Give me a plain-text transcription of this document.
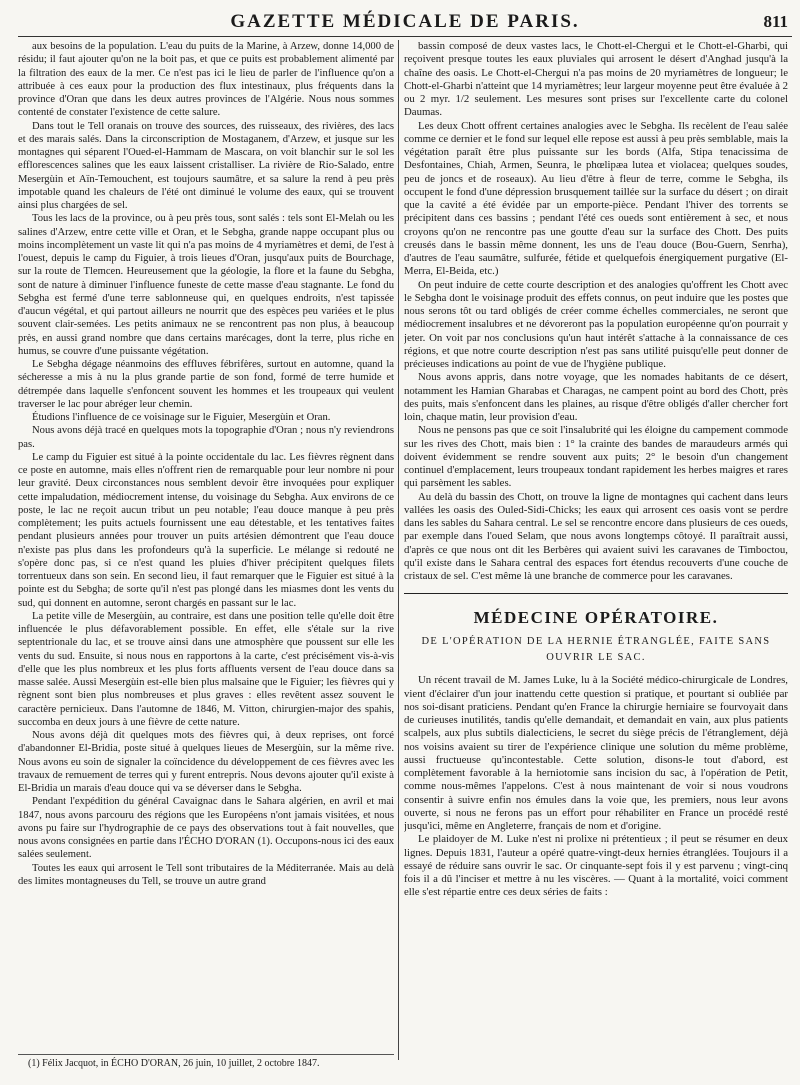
GAZETTE MÉDICALE DE PARIS.	811

aux besoins de la population. L'eau du puits de la Marine, à Arzew, donne 14,000 de résidu; il faut ajouter qu'on ne la boit pas, et que ce puits est probablement alimenté par la filtration des eaux de la mer. Ce n'est pas ici le lieu de parler de l'influence qu'on a attribuée à ces eaux pour la production des flux intestinaux, plus fréquents dans la province d'Oran que dans les deux autres provinces de l'Algérie. Nous nous sommes contenté de constater l'existence de cette salure.

Dans tout le Tell oranais on trouve des sources, des ruisseaux, des rivières, des lacs et des marais salés. Dans la circonscription de Mostaganem, d'Arzew, et jusque sur les montagnes qui séparent l'Oued-el-Hammam de Mascara, on voit blanchir sur le sol les efflorescences salines que les eaux laissent cristalliser. La rivière de Rio-Salado, entre Mesergùin et Aïn-Temouchent, est toujours saumâtre, et sa salure la rend à peu près impotable quand les chaleurs de l'été ont diminué le volume des eaux, qui se trouvent ainsi plus chargées de sel.

Tous les lacs de la province, ou à peu près tous, sont salés : tels sont El-Melah ou les salines d'Arzew, entre cette ville et Oran, et le Sebgha, grande nappe occupant plus ou moins incomplètement un vaste lit qui n'a pas moins de 4 myriamètres et demi, de l'est à l'ouest, depuis le camp du Figuier, à trois lieues d'Oran, jusqu'aux puits de Bourchage, sur la route de Tlemcen. Heureusement que la géologie, la flore et la faune du Sebgha, sont de nature à diminuer l'influence funeste de cette masse d'eau stagnante. Le fond du Sebgha est fermé d'une terre sablonneuse qui, en quelques endroits, n'est tapissée d'aucun végétal, et qui partout ailleurs ne nourrit que des espèces peu variées et le plus souvent clair-semées. Les petits animaux ne se rencontrent pas non plus, à beaucoup près, en aussi grand nombre que dans certains marécages, dont la terre, plus riche en humus, se couvre d'une puissante végétation.

Le Sebgha dégage néanmoins des effluves fébrifères, surtout en automne, quand la sécheresse a mis à nu la plus grande partie de son fond, formé de terre humide et détrempée dans laquelle s'enfoncent souvent les hommes et les troupeaux qui veulent traverser le lac pour abréger leur chemin.

Étudions l'influence de ce voisinage sur le Figuier, Mesergùin et Oran.

Nous avons déjà tracé en quelques mots la topographie d'Oran ; nous n'y reviendrons pas.

Le camp du Figuier est situé à la pointe occidentale du lac. Les fièvres règnent dans ce poste en automne, mais elles n'offrent rien de remarquable pour leur nombre ni pour leur gravité. Deux circonstances nous semblent devoir être invoquées pour expliquer cette impaludation, médiocrement intense, du voisinage du Sebgha. Aux environs de ce poste, le lac ne reçoit aucun tribut un peu notable; l'eau douce manque à peu près complètement; les puits actuels fournissent une eau détestable, et les tentatives faites pendant plusieurs années pour trouver un puits artésien démontrent que l'eau douce n'existe pas plus dans les profondeurs qu'à la superficie. Le mélange si redouté ne s'opère donc pas, si ce n'est quand les pluies d'hiver précipitent quelques filets torrentueux dans son sein. En second lieu, il faut remarquer que le Figuier est situé à la pointe est du Sebgha; de sorte qu'il n'est pas plongé dans les miasmes dont les vents du sud, qui donnent en automne, seront chargés en passant sur le lac.

La petite ville de Mesergùin, au contraire, est dans une position telle qu'elle doit être influencée le plus défavorablement possible. En effet, elle s'étale sur la rive septentrionale du lac, et se trouve ainsi dans une atmosphère que poussent sur elle les vents du sud. Ensuite, si nous nous en rapportons à la carte, c'est précisément vis-à-vis d'elle que les plus nombreux et les plus forts affluents versent de l'eau douce dans sa masse salée. Aussi Mesergùin est-elle bien plus malsaine que le Figuier; les fièvres qui y règnent sont bien plus nombreuses et plus graves : elles revêtent assez souvent le caractère pernicieux. Dans l'automne de 1846, M. Vitton, chirurgien-major des spahis, succomba en deux jours à une fièvre de cette nature.

Nous avons déjà dit quelques mots des fièvres qui, à deux reprises, ont forcé d'abandonner El-Bridia, poste situé à quelques lieues de Mesergùin, sur la même rive. Nous avons eu soin de signaler la coïncidence du développement de ces fièvres avec les travaux de remuement de terres qui y furent entrepris. Nous devons ajouter qu'il existe à El-Bridia un marais d'eau douce qui va se déverser dans le Sebgha.

Pendant l'expédition du général Cavaignac dans le Sahara algérien, en avril et mai 1847, nous avons parcouru des régions que les Européens n'ont jamais visitées, et nous avons pu faire sur l'hydrographie de ce pays des observations tout à fait nouvelles, que nous avons consignées en partie dans l'ÉCHO D'ORAN (1). Occupons-nous ici des eaux salées seulement.

Toutes les eaux qui arrosent le Tell sont tributaires de la Méditerranée. Mais au delà des limites montagneuses du Tell, se trouve un autre grand

(1) Félix Jacquot, in ÉCHO D'ORAN, 26 juin, 10 juillet, 2 octobre 1847.

bassin composé de deux vastes lacs, le Chott-el-Chergui et le Chott-el-Gharbi, qui reçoivent presque toutes les eaux pluviales qui arrosent le désert d'Anghad jusqu'à la chaîne des oasis. Le Chott-el-Chergui n'a pas moins de 20 myriamètres de longueur; le Chott-el-Gharbi n'atteint que 14 myriamètres; leur largeur moyenne peut être évaluée à 2 ou 2 myr. 1/2 seulement. Les mesures sont prises sur l'excellente carte du colonel Daumas.

Les deux Chott offrent certaines analogies avec le Sebgha. Ils recèlent de l'eau salée comme ce dernier et le fond sur lequel elle repose est aussi à peu près semblable, mais la végétation paraît être plus puissante sur les bords (Alfa, Stipa tenacissima de Desfontaines, Chiah, Armen, Seunra, le phœlipæa lutea et violacea; quelques soudes, peu de joncs et de roseaux). Au lieu d'être à fleur de terre, comme le Sebgha, ils occupent le fond d'une dépression brusquement taillée sur la surface du désert ; on dirait que la cavité a été évidée par un emporte-pièce. Pendant l'hiver des torrents se précipitent dans ces bassins ; pendant l'été ces oueds sont entièrement à sec, et nous croyons qu'on ne rencontre pas une goutte d'eau sur la surface des Chott. Des puits creusés dans le bassin même donnent, les uns de l'eau douce (Bou-Guern, Senrha), d'autres de l'eau saumâtre, sulfurée, fétide et quelquefois énergiquement purgative (El-Merra, El-Beida, etc.)

On peut induire de cette courte description et des analogies qu'offrent les Chott avec le Sebgha dont le voisinage produit des effets connus, on peut induire que les postes que nous serons tôt ou tard obligés de créer comme échelles commerciales, ne seront que médiocrement insalubres et ne dévoreront pas la population européenne qu'on pourrait y jeter. On voit par nos conclusions qu'un haut intérêt s'attache à la connaissance de ces régions, et que notre courte description n'est pas sans utilité puisqu'elle peut donner de précieuses indications au point de vue de l'hygiène publique.

Nous avons appris, dans notre voyage, que les nomades habitants de ce désert, notamment les Hamian Gharabas et Charagas, ne campent point au bord des Chott, près des puits, mais s'enfoncent dans les plaines, au risque d'être obligés d'aller chercher fort loin, chaque matin, leur provision d'eau.

Nous ne pensons pas que ce soit l'insalubrité qui les éloigne du campement commode sur les rives des Chott, mais bien : 1° la crainte des bandes de maraudeurs armés qui doivent évidemment se rendre souvent aux puits; 2° le besoin d'un changement continuel d'emplacement, leurs troupeaux tondant rapidement les herbes maigres et rares qui parsèment les sables.

Au delà du bassin des Chott, on trouve la ligne de montagnes qui cachent dans leurs vallées les oasis des Ouled-Sidi-Chicks; les eaux qui arrosent ces oasis vont se perdre dans les sables du Sahara central. Le sel se rencontre encore dans plusieurs de ces oueds, par exemple dans l'oued Selam, que nous avons longtemps côtoyé. Il paraîtrait aussi, d'après ce que nous ont dit les Berbères qui avaient suivi les caravanes de Timboctou, qu'il existe dans le Sahara central des espaces fort étendus recouverts d'une couche de cristaux de sel. C'est même là une branche de commerce pour les caravanes.

MÉDECINE OPÉRATOIRE.
DE L'OPÉRATION DE LA HERNIE ÉTRANGLÉE, FAITE SANS OUVRIR LE SAC.

Un récent travail de M. James Luke, lu à la Société médico-chirurgicale de Londres, vient d'éclairer d'un jour inattendu cette question si pratique, et pourtant si oubliée par nos soi-disant praticiens. Pendant qu'en France la chirurgie herniaire se fourvoyait dans de curieuses inutilités, tandis qu'elle demandait, et demandait en vain, aux plus patients scalpels, aux plus subtils dialecticiens, le secret du siège précis de l'étranglement, déjà nos voisins avaient su tirer de l'expérience clinique une solution du même problème, aussi fructueuse qu'incontestable. Cette solution, disons-le tout d'abord, est complètement favorable à la herniotomie sans incision du sac, à l'opération de Petit, comme nous-mêmes l'appelons. C'est à nous maintenant de voir si nous voudrons consentir à suivre enfin nos émules dans la voie que, les premiers, nous leur avons ouverte, si nous ne ferons pas un effort pour réhabiliter en France un procédé resté jusqu'ici, même en Angleterre, français de nom et d'origine.

Le plaidoyer de M. Luke n'est ni prolixe ni prétentieux ; il peut se résumer en deux lignes. Depuis 1831, l'auteur a opéré quatre-vingt-deux hernies étranglées. Toujours il a essayé de réduire sans ouvrir le sac. Or cinquante-sept fois il y est parvenu ; vingt-cinq fois il a dû l'inciser et mettre à nu les viscères. — Quant à la mortalité, voici comment elle s'est répartie entre ces deux séries de faits :
